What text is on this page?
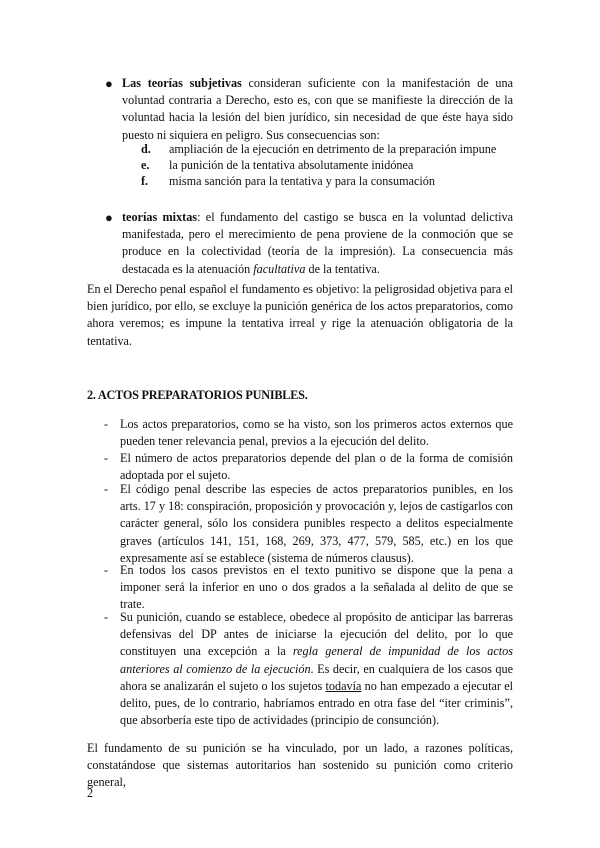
● Las teorías subjetivas consideran suficiente con la manifestación de una voluntad contraria a Derecho, esto es, con que se manifieste la dirección de la voluntad hacia la lesión del bien jurídico, sin necesidad de que éste haya sido puesto ni siquiera en peligro. Sus consecuencias son:

d. ampliación de la ejecución en detrimento de la preparación impune
e. la punición de la tentativa absolutamente inidónea
f. misma sanción para la tentativa y para la consumación
● teorías mixtas: el fundamento del castigo se busca en la voluntad delictiva manifestada, pero el merecimiento de pena proviene de la conmoción que se produce en la colectividad (teoría de la impresión). La consecuencia más destacada es la atenuación facultativa de la tentativa.

En el Derecho penal español el fundamento es objetivo: la peligrosidad objetiva para el bien jurídico, por ello, se excluye la punición genérica de los actos preparatorios, como ahora veremos; es impune la tentativa irreal y rige la atenuación obligatoria de la tentativa.

2. ACTOS PREPARATORIOS PUNIBLES.
- Los actos preparatorios, como se ha visto, son los primeros actos externos que pueden tener relevancia penal, previos a la ejecución del delito.

- El número de actos preparatorios depende del plan o de la forma de comisión adoptada por el sujeto.

- El código penal describe las especies de actos preparatorios punibles, en los arts. 17 y 18: conspiración, proposición y provocación y, lejos de castigarlos con carácter general, sólo los considera punibles respecto a delitos especialmente graves (artículos 141, 151, 168, 269, 373, 477, 579, 585, etc.) en los que expresamente así se establece (sistema de números clausus).

- En todos los casos previstos en el texto punitivo se dispone que la pena a imponer será la inferior en uno o dos grados a la señalada al delito de que se trate.

- Su punición, cuando se establece, obedece al propósito de anticipar las barreras defensivas del DP antes de iniciarse la ejecución del delito, por lo que constituyen una excepción a la regla general de impunidad de los actos anteriores al comienzo de la ejecución. Es decir, en cualquiera de los casos que ahora se analizarán el sujeto o los sujetos todavía no han empezado a ejecutar el delito, pues, de lo contrario, habríamos entrado en otra fase del “iter criminis”, que absorbería este tipo de actividades (principio de consunción).

El fundamento de su punición se ha vinculado, por un lado, a razones políticas, constatándose que sistemas autoritarios han sostenido su punición como criterio general,

2
